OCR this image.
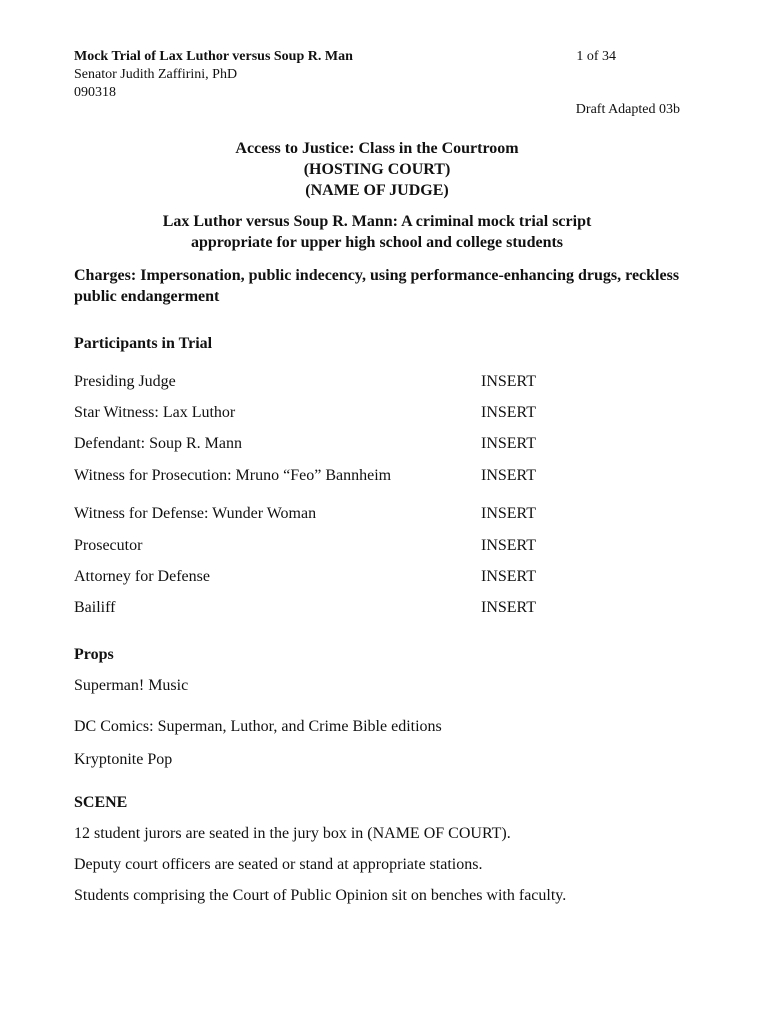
Mock Trial of Lax Luthor versus Soup R. Man
Senator Judith Zaffirini, PhD
090318
1 of 34
Draft Adapted 03b
Access to Justice: Class in the Courtroom
(HOSTING COURT)
(NAME OF JUDGE)
Lax Luthor versus Soup R. Mann: A criminal mock trial script
appropriate for upper high school and college students
Charges: Impersonation, public indecency, using performance-enhancing drugs, reckless public endangerment
Participants in Trial
Presiding Judge	INSERT
Star Witness: Lax Luthor	INSERT
Defendant: Soup R. Mann	INSERT
Witness for Prosecution: Mruno “Feo” Bannheim	INSERT
Witness for Defense: Wunder Woman	INSERT
Prosecutor	INSERT
Attorney for Defense	INSERT
Bailiff	INSERT
Props
Superman! Music
DC Comics: Superman, Luthor, and Crime Bible editions
Kryptonite Pop
SCENE
12 student jurors are seated in the jury box in (NAME OF COURT).
Deputy court officers are seated or stand at appropriate stations.
Students comprising the Court of Public Opinion sit on benches with faculty.
